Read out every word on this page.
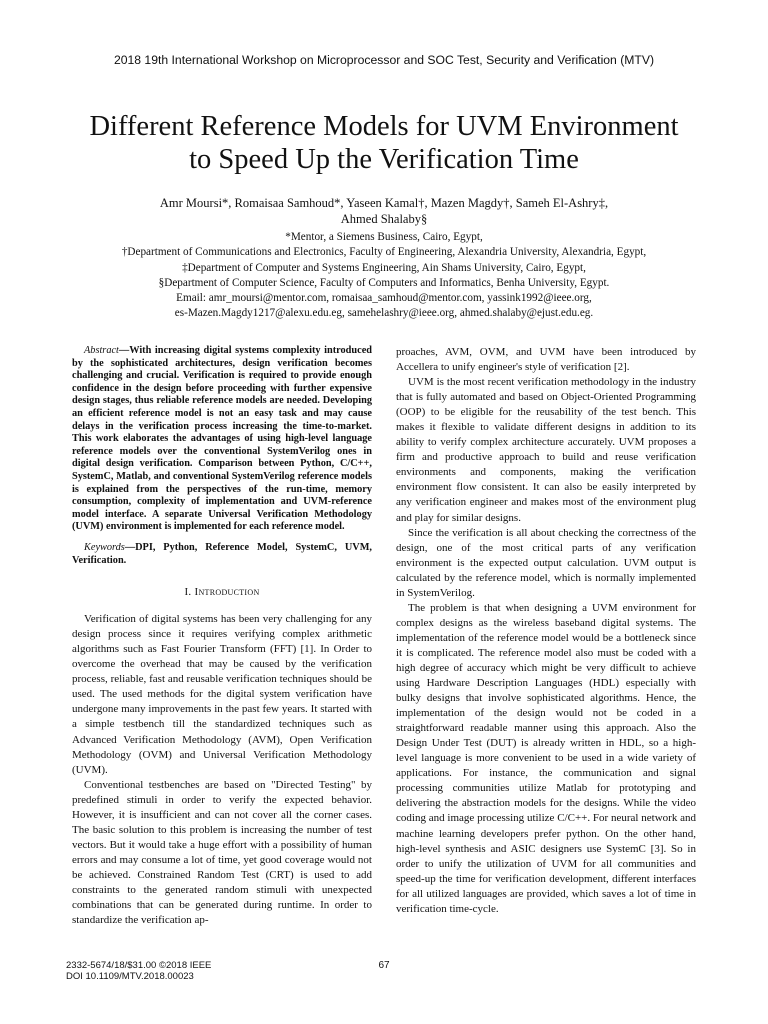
2018 19th International Workshop on Microprocessor and SOC Test, Security and Verification (MTV)
Different Reference Models for UVM Environment
to Speed Up the Verification Time
Amr Moursi*, Romaisaa Samhoud*, Yaseen Kamal†, Mazen Magdy†, Sameh El-Ashry‡,
Ahmed Shalaby§
*Mentor, a Siemens Business, Cairo, Egypt,
†Department of Communications and Electronics, Faculty of Engineering, Alexandria University, Alexandria, Egypt,
‡Department of Computer and Systems Engineering, Ain Shams University, Cairo, Egypt,
§Department of Computer Science, Faculty of Computers and Informatics, Benha University, Egypt.
Email: amr_moursi@mentor.com, romaisaa_samhoud@mentor.com, yassink1992@ieee.org,
es-Mazen.Magdy1217@alexu.edu.eg, samehelashry@ieee.org, ahmed.shalaby@ejust.edu.eg.

Abstract—With increasing digital systems complexity introduced by the sophisticated architectures, design verification becomes challenging and crucial. Verification is required to provide enough confidence in the design before proceeding with further expensive design stages, thus reliable reference models are needed. Developing an efficient reference model is not an easy task and may cause delays in the verification process increasing the time-to-market. This work elaborates the advantages of using high-level language reference models over the conventional SystemVerilog ones in digital design verification. Comparison between Python, C/C++, SystemC, Matlab, and conventional SystemVerilog reference models is explained from the perspectives of the run-time, memory consumption, complexity of implementation and UVM-reference model interface. A separate Universal Verification Methodology (UVM) environment is implemented for each reference model.

Keywords—DPI, Python, Reference Model, SystemC, UVM, Verification.

I. Introduction

Verification of digital systems has been very challenging for any design process since it requires verifying complex arithmetic algorithms such as Fast Fourier Transform (FFT) [1]. In Order to overcome the overhead that may be caused by the verification process, reliable, fast and reusable verification techniques should be used. The used methods for the digital system verification have undergone many improvements in the past few years. It started with a simple testbench till the standardized techniques such as Advanced Verification Methodology (AVM), Open Verification Methodology (OVM) and Universal Verification Methodology (UVM).

Conventional testbenches are based on "Directed Testing" by predefined stimuli in order to verify the expected behavior. However, it is insufficient and can not cover all the corner cases. The basic solution to this problem is increasing the number of test vectors. But it would take a huge effort with a possibility of human errors and may consume a lot of time, yet good coverage would not be achieved. Constrained Random Test (CRT) is used to add constraints to the generated random stimuli with unexpected combinations that can be generated during runtime. In order to standardize the verification ap-

proaches, AVM, OVM, and UVM have been introduced by Accellera to unify engineer's style of verification [2].

UVM is the most recent verification methodology in the industry that is fully automated and based on Object-Oriented Programming (OOP) to be eligible for the reusability of the test bench. This makes it flexible to validate different designs in addition to its ability to verify complex architecture accurately. UVM proposes a firm and productive approach to build and reuse verification environments and components, making the verification environment flow consistent. It can also be easily interpreted by any verification engineer and makes most of the environment plug and play for similar designs.

Since the verification is all about checking the correctness of the design, one of the most critical parts of any verification environment is the expected output calculation. UVM output is calculated by the reference model, which is normally implemented in SystemVerilog.

The problem is that when designing a UVM environment for complex designs as the wireless baseband digital systems. The implementation of the reference model would be a bottleneck since it is complicated. The reference model also must be coded with a high degree of accuracy which might be very difficult to achieve using Hardware Description Languages (HDL) especially with bulky designs that involve sophisticated algorithms. Hence, the implementation of the design would not be coded in a straightforward readable manner using this approach. Also the Design Under Test (DUT) is already written in HDL, so a high-level language is more convenient to be used in a wide variety of applications. For instance, the communication and signal processing communities utilize Matlab for prototyping and delivering the abstraction models for the designs. While the video coding and image processing utilize C/C++. For neural network and machine learning developers prefer python. On the other hand, high-level synthesis and ASIC designers use SystemC [3]. So in order to unify the utilization of UVM for all communities and speed-up the time for verification development, different interfaces for all utilized languages are provided, which saves a lot of time in verification time-cycle.

2332-5674/18/$31.00 ©2018 IEEE
DOI 10.1109/MTV.2018.00023
67
